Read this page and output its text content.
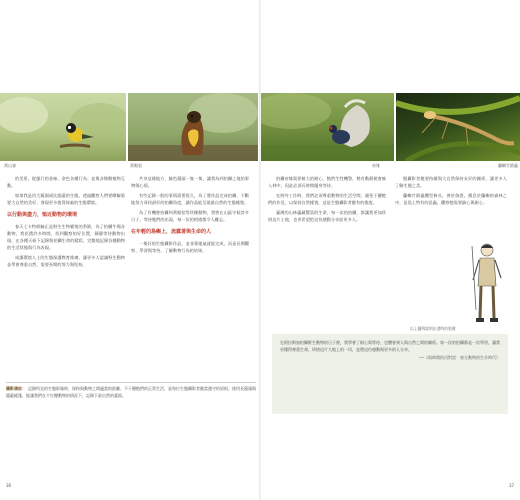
黃山雀	黃喉貂	帝雉	蘭嶼竹節蟲

的美景，從風行的金絲、金色各種行為；並與各類動植物互動。

如果我是用大鏡頭或比腦還的生態，透過觀察人們要瞭解重要大自然的美好，發現更多值得探索的生態環境。

以行動與盡力，恤近動物的環境

春天七卡特經驗正是野生生物繁殖的季節，為了拍攝牛場各動物，我花費許多時間，找到觀察的好位置，靜靜等待動物出現，在各種天候下記錄與拍攝生命的精彩，完整地記錄各種動物的生活狀態與行為表現。

戒護環境人士的生態保護教育推廣，讓更多人認識野生動物並學會尊重自然，需要長期的努力與堅持。

共享這樣地方，綠色鏡頭一隻一隻、讓我為到拍攝之地的事物與心情。

有些記錄一般的事情需要很久，為了將作品完成拍攝，不斷地努力尋找最好的拍攝角度，讓作品能呈現最自然的生態樣貌。

為了有機會拍攝到黃喉貂等珍稀動物，我曾在山區守候許多日子，等待牠們的出現，每一次的相遇都令人難忘。

在年輕的島嶼上，流露著與生命的人

一隻好的生態攝影作品，並非靠運氣就能完成，而是長期觀察、學習與等待，了解動物行為的結果。

拍攝帝雉需要極大的耐心，牠們生性機警，稍有動靜便會躲入林中，因此必須長時間隱身等待。

在野外工作時，我們必須尊重動物的生活空間，避免干擾牠們的作息，以保持自然樣貌，這是生態攝影者應有的態度。

臺灣的山林蘊藏豐富的生命，每一次的拍攝，都讓我更加珍惜這片土地，也更希望把這份感動分享給更多人。

態攝影者應要持續與大自然保持友好的關係，讓更多人了解生態之美。

蘭嶼竹節蟲體型修長，善於偽裝，棲息於蘭嶼的森林之中，是島上特有的昆蟲，觀察牠需要細心與耐心。

以上圖例說明出發時的裝備
在阿拉斯加拍攝野生動物的日子裡，我學會了耐心與等待，也體會到人與自然之間的關係。每一次的拍攝都是一次學習，讓我更懂得尊重生命，珍惜這片大地上的一切，並將這份感動與更多的人分享。
──《與時間的河對話：東方動物的生存時代》
攝影備註： 記錄所見的生態影像時，保持與動物之間適當的距離，不干擾牠們的正常生活，是每位生態攝影者應當遵守的原則。使用長鏡頭與隱蔽帳篷，能讓我們在不打擾動物的情況下，記錄下最自然的畫面。
36	37
